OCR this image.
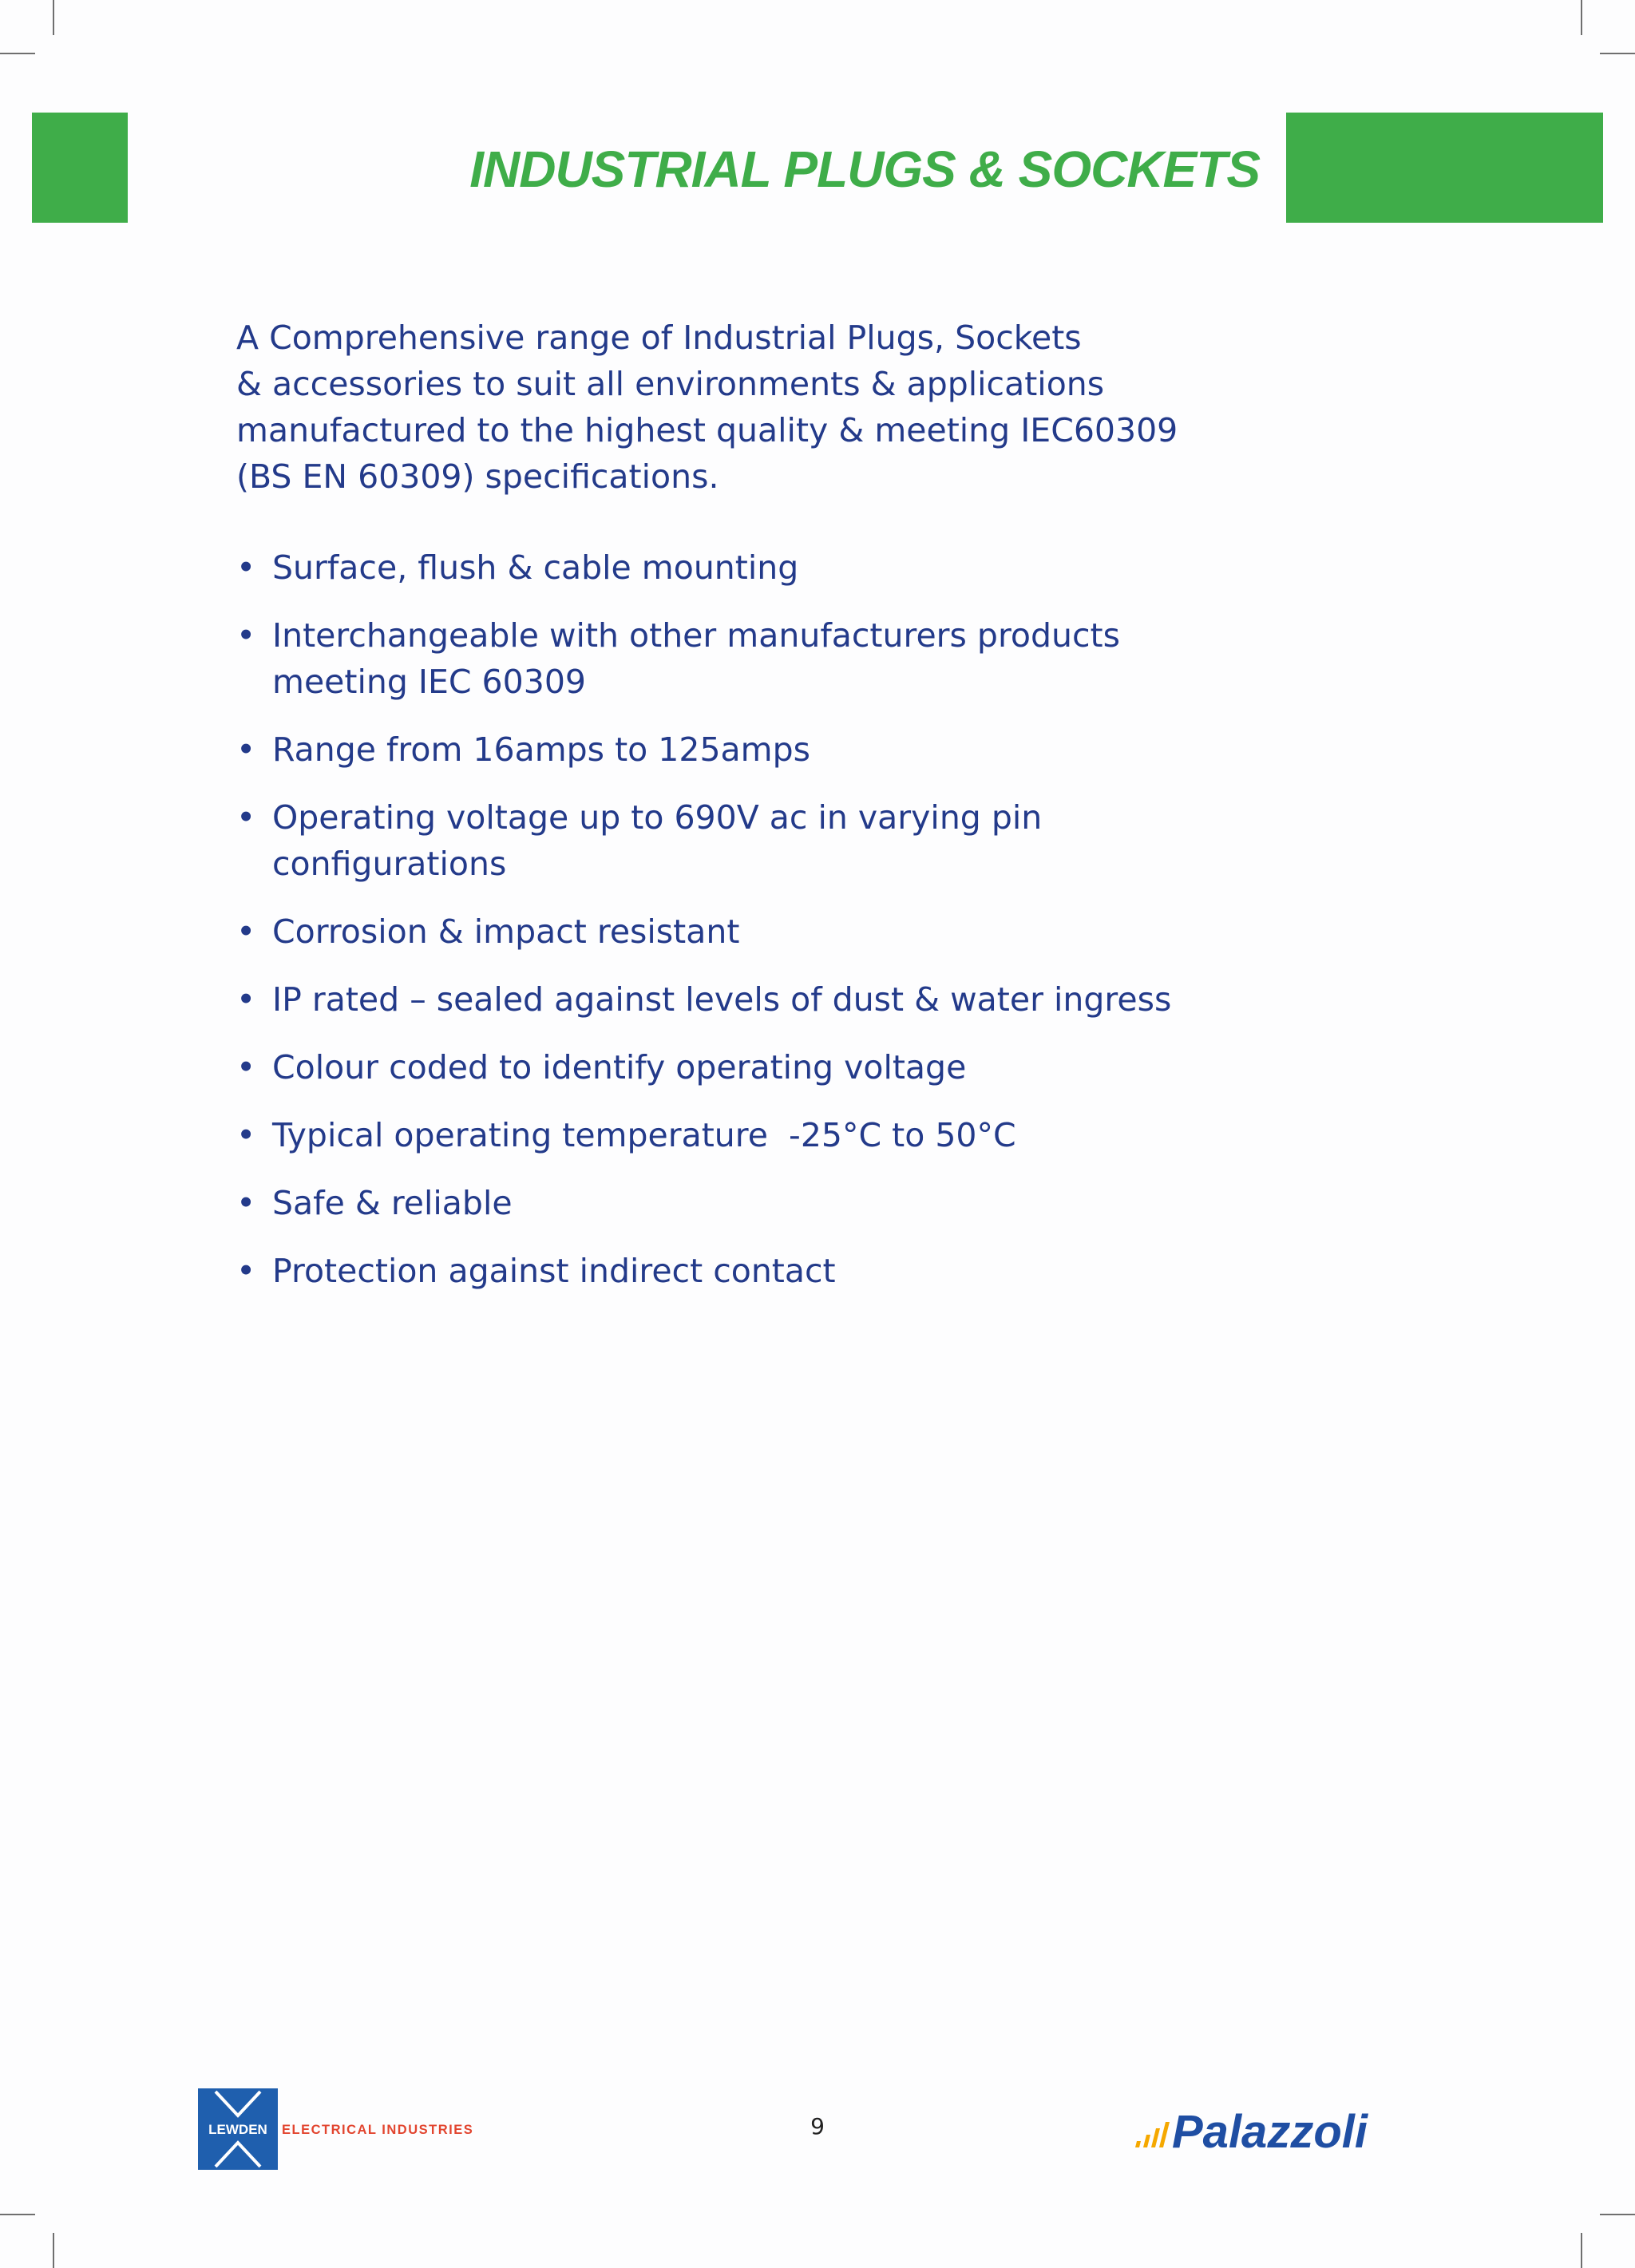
INDUSTRIAL PLUGS & SOCKETS

A Comprehensive range of Industrial Plugs, Sockets
& accessories to suit all environments & applications
manufactured to the highest quality & meeting IEC60309
(BS EN 60309) specifications.

• Surface, flush & cable mounting
• Interchangeable with other manufacturers products meeting IEC 60309
• Range from 16amps to 125amps
• Operating voltage up to 690V ac in varying pin configurations
• Corrosion & impact resistant
• IP rated – sealed against levels of dust & water ingress
• Colour coded to identify operating voltage
• Typical operating temperature  -25°C to 50°C
• Safe & reliable
• Protection against indirect contact
LEWDEN ELECTRICAL INDUSTRIES	9	Palazzoli
